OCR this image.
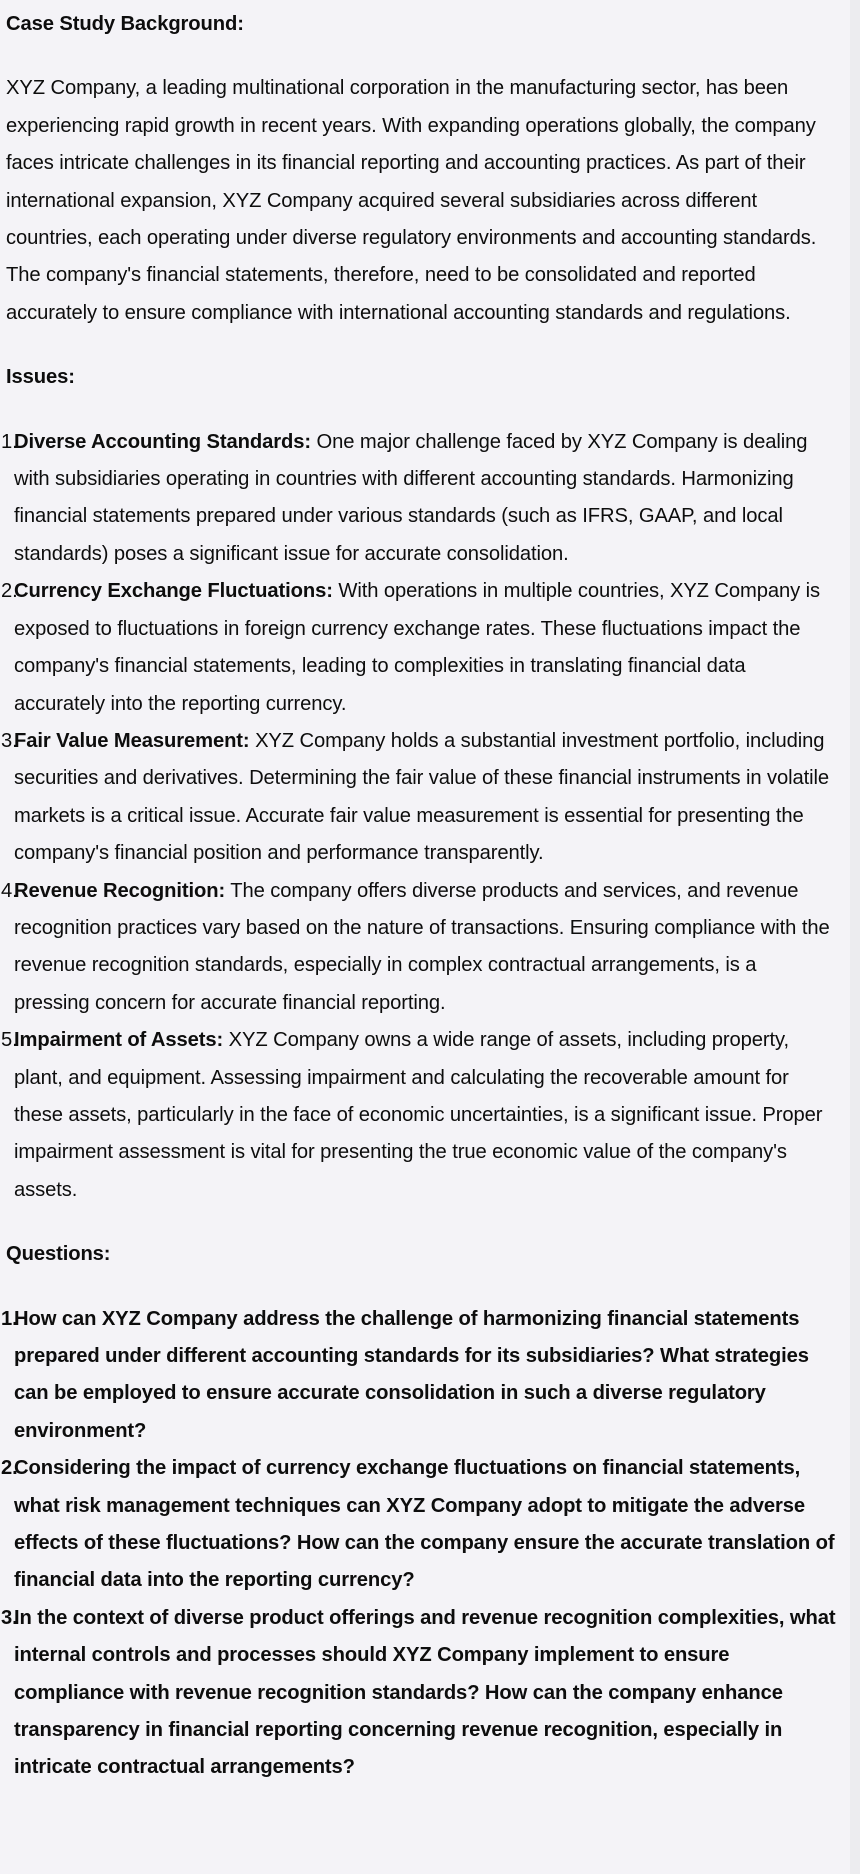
Case Study Background:

XYZ Company, a leading multinational corporation in the manufacturing sector, has been experiencing rapid growth in recent years. With expanding operations globally, the company faces intricate challenges in its financial reporting and accounting practices. As part of their international expansion, XYZ Company acquired several subsidiaries across different countries, each operating under diverse regulatory environments and accounting standards. The company's financial statements, therefore, need to be consolidated and reported accurately to ensure compliance with international accounting standards and regulations.

Issues:
1.
Diverse Accounting Standards: One major challenge faced by XYZ Company is dealing with subsidiaries operating in countries with different accounting standards. Harmonizing financial statements prepared under various standards (such as IFRS, GAAP, and local standards) poses a significant issue for accurate consolidation.
2.
Currency Exchange Fluctuations: With operations in multiple countries, XYZ Company is exposed to fluctuations in foreign currency exchange rates. These fluctuations impact the company's financial statements, leading to complexities in translating financial data accurately into the reporting currency.
3.
Fair Value Measurement: XYZ Company holds a substantial investment portfolio, including securities and derivatives. Determining the fair value of these financial instruments in volatile markets is a critical issue. Accurate fair value measurement is essential for presenting the company's financial position and performance transparently.
4.
Revenue Recognition: The company offers diverse products and services, and revenue recognition practices vary based on the nature of transactions. Ensuring compliance with the revenue recognition standards, especially in complex contractual arrangements, is a pressing concern for accurate financial reporting.
5.
Impairment of Assets: XYZ Company owns a wide range of assets, including property, plant, and equipment. Assessing impairment and calculating the recoverable amount for these assets, particularly in the face of economic uncertainties, is a significant issue. Proper impairment assessment is vital for presenting the true economic value of the company's assets.
Questions:
1.
How can XYZ Company address the challenge of harmonizing financial statements prepared under different accounting standards for its subsidiaries? What strategies can be employed to ensure accurate consolidation in such a diverse regulatory environment?
2.
Considering the impact of currency exchange fluctuations on financial statements, what risk management techniques can XYZ Company adopt to mitigate the adverse effects of these fluctuations? How can the company ensure the accurate translation of financial data into the reporting currency?
3.
In the context of diverse product offerings and revenue recognition complexities, what internal controls and processes should XYZ Company implement to ensure compliance with revenue recognition standards? How can the company enhance transparency in financial reporting concerning revenue recognition, especially in intricate contractual arrangements?
